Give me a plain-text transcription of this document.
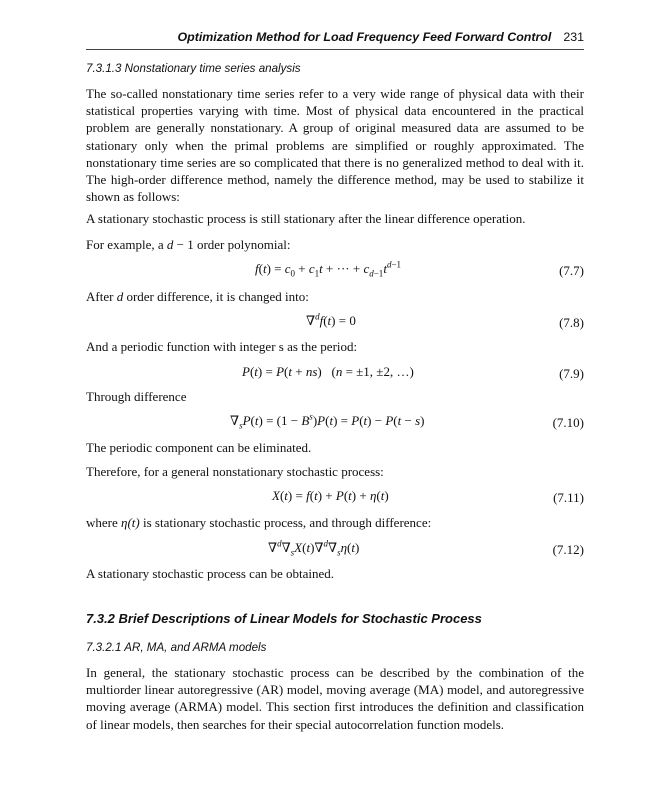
Optimization Method for Load Frequency Feed Forward Control 231
7.3.1.3 Nonstationary time series analysis
The so-called nonstationary time series refer to a very wide range of physical data with their statistical properties varying with time. Most of physical data encountered in the practical problem are generally nonstationary. A group of original measured data are assumed to be stationary only when the primal problems are simplified or roughly approximated. The nonstationary time series are so complicated that there is no generalized method to deal with it. The high-order difference method, namely the difference method, may be used to stabilize it shown as follows:
A stationary stochastic process is still stationary after the linear difference operation.
For example, a d − 1 order polynomial:
$f(t) = c_0 + c_1t$ + ··· + $c_{d-1}t^{d-1}$	(7.7)
After d order difference, it is changed into:
∇$^d$f(t) = 0	(7.8)
And a periodic function with integer s as the period:
P(t) = P(t + ns)   (n = ±1, ±2, …)	(7.9)
Through difference
$\nabla_sP(t) = (1 - B^s)P(t) = P(t) - P(t - s)$	(7.10)
The periodic component can be eliminated.
Therefore, for a general nonstationary stochastic process:
X(t) = f(t) + P(t) + η(t)	(7.11)
where η(t) is stationary stochastic process, and through difference:
$\nabla^d\nabla_sX(t)\nabla^d\nabla_s\eta(t)$	(7.12)
A stationary stochastic process can be obtained.
7.3.2 Brief Descriptions of Linear Models for Stochastic Process
7.3.2.1 AR, MA, and ARMA models
In general, the stationary stochastic process can be described by the combination of the multiorder linear autoregressive (AR) model, moving average (MA) model, and autoregressive moving average (ARMA) model. This section first introduces the definition and classification of linear models, then searches for their special autocorrelation function models.
